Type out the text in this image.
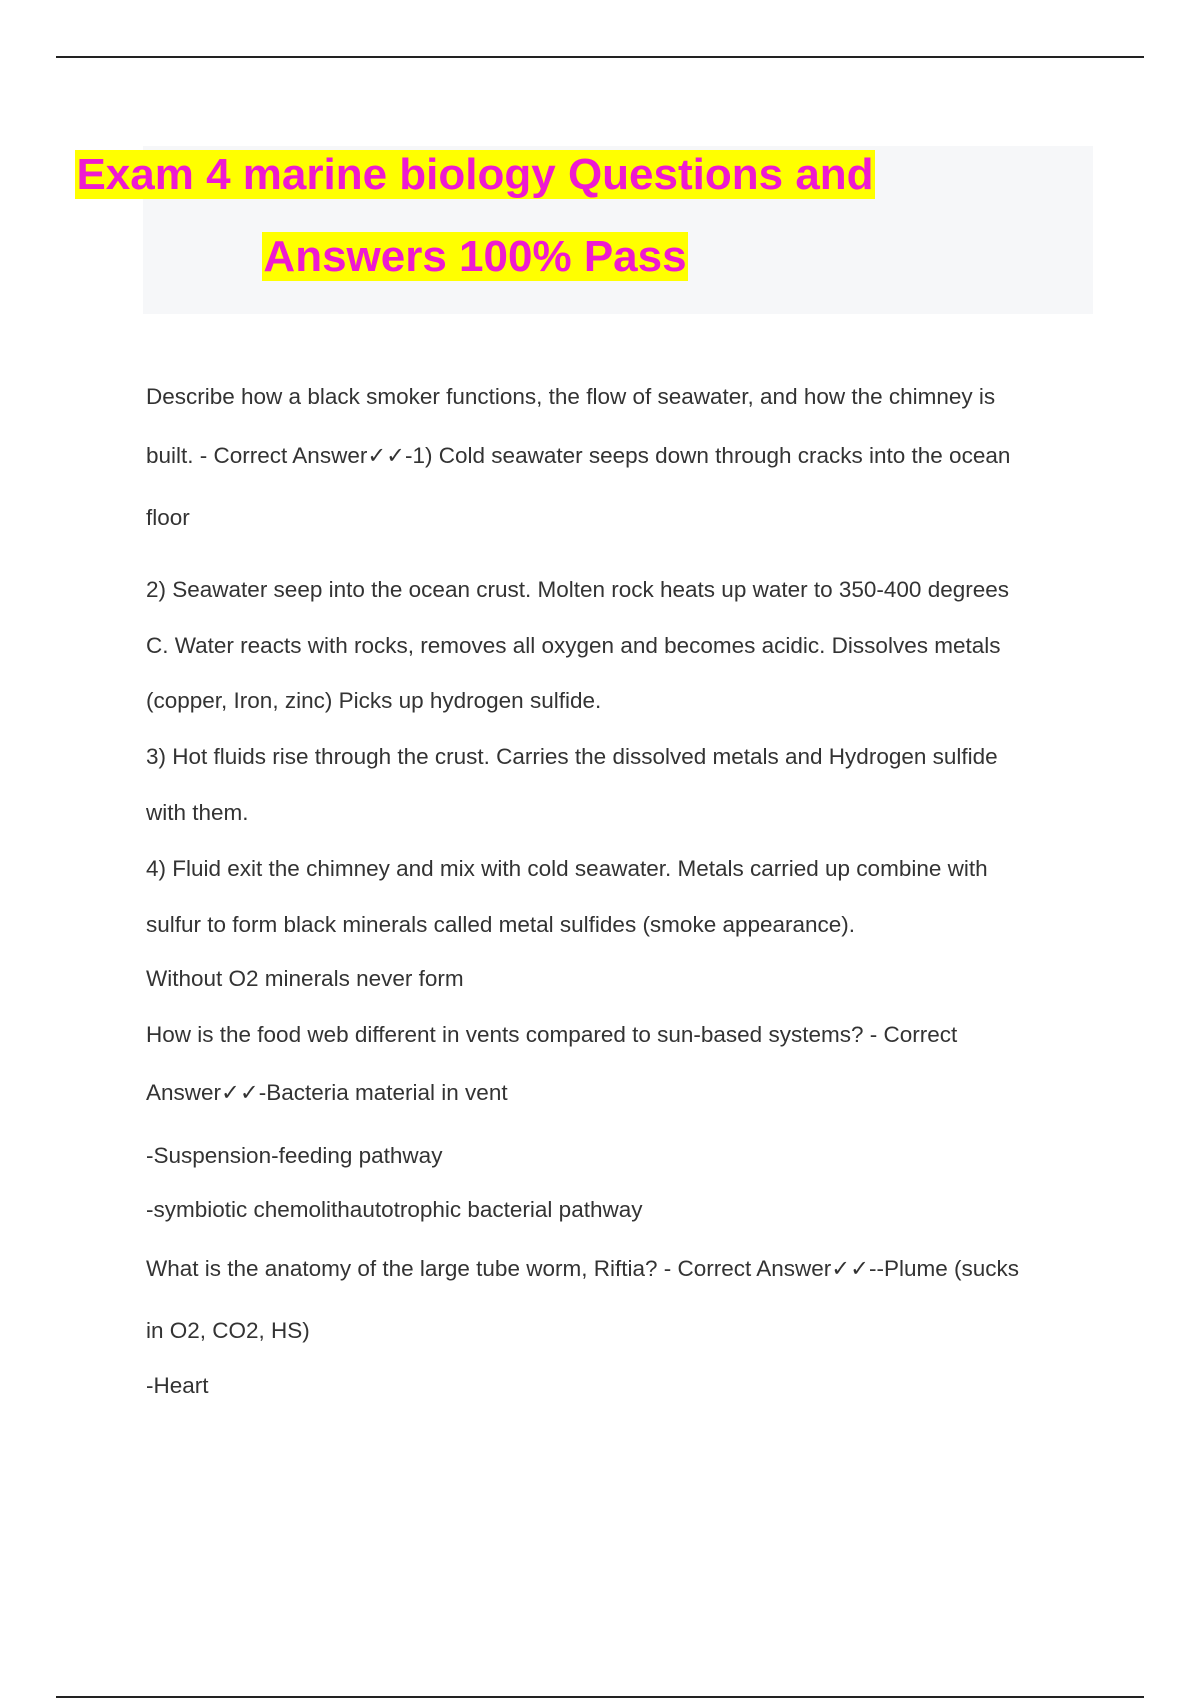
Exam 4 marine biology Questions and
Answers 100% Pass

Describe how a black smoker functions, the flow of seawater, and how the chimney is

built. - Correct Answer✓✓-1) Cold seawater seeps down through cracks into the ocean

floor

2) Seawater seep into the ocean crust. Molten rock heats up water to 350-400 degrees

C. Water reacts with rocks, removes all oxygen and becomes acidic. Dissolves metals

(copper, Iron, zinc) Picks up hydrogen sulfide.

3) Hot fluids rise through the crust. Carries the dissolved metals and Hydrogen sulfide

with them.

4) Fluid exit the chimney and mix with cold seawater. Metals carried up combine with

sulfur to form black minerals called metal sulfides (smoke appearance).

Without O2 minerals never form

How is the food web different in vents compared to sun-based systems? - Correct

Answer✓✓-Bacteria material in vent

-Suspension-feeding pathway

-symbiotic chemolithautotrophic bacterial pathway

What is the anatomy of the large tube worm, Riftia? - Correct Answer✓✓--Plume (sucks

in O2, CO2, HS)

-Heart
